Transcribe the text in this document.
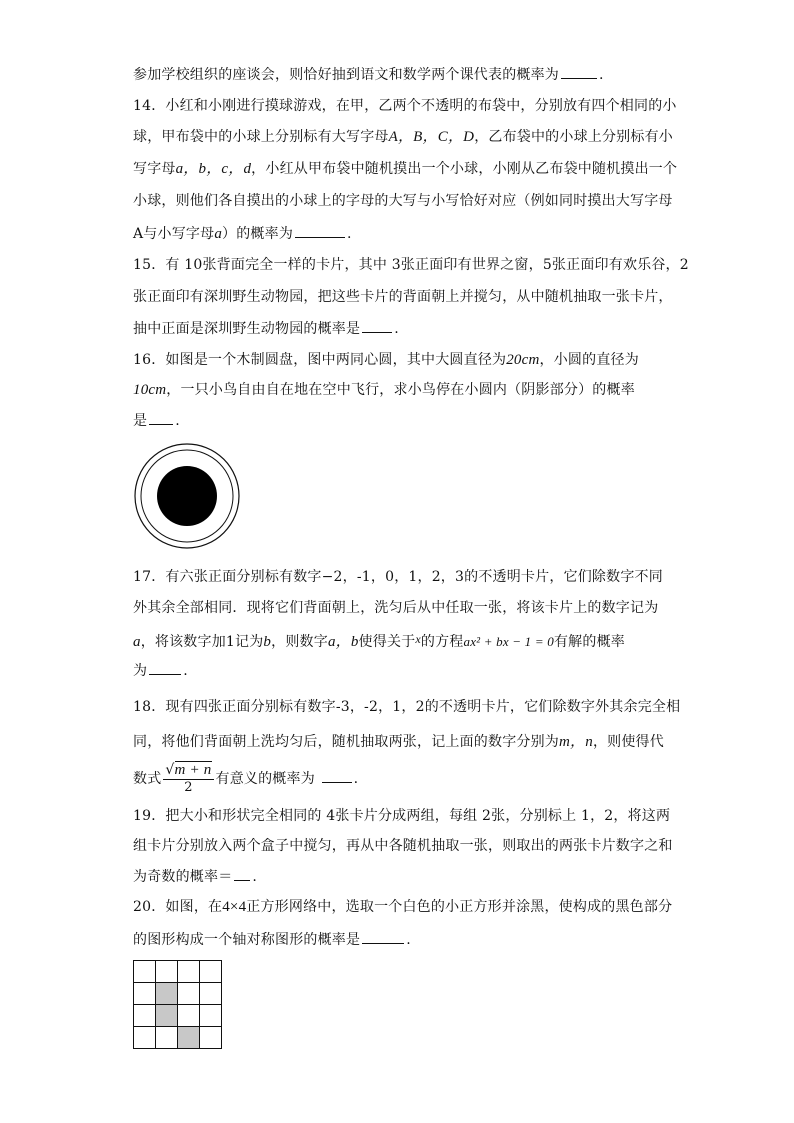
参加学校组织的座谈会，则恰好抽到语文和数学两个课代表的概率为	.
14．小红和小刚进行摸球游戏，在甲，乙两个不透明的布袋中，分别放有四个相同的小
球，甲布袋中的小球上分别标有大写字母A，B，C，D，乙布袋中的小球上分别标有小
写字母a，b，c，d，小红从甲布袋中随机摸出一个小球，小刚从乙布袋中随机摸出一个
小球，则他们各自摸出的小球上的字母的大写与小写恰好对应（例如同时摸出大写字母
A与小写字母a）的概率为	.
15．有 10张背面完全一样的卡片，其中 3张正面印有世界之窗，5张正面印有欢乐谷，2
张正面印有深圳野生动物园，把这些卡片的背面朝上并搅匀，从中随机抽取一张卡片，
抽中正面是深圳野生动物园的概率是 .
16．如图是一个木制圆盘，图中两同心圆，其中大圆直径为20cm，小圆的直径为
10cm，一只小鸟自由自在地在空中飞行，求小鸟停在小圆内（阴影部分）的概率
是 .
17．有六张正面分别标有数字−2，-1，0，1，2，3的不透明卡片，它们除数字不同
外其余全部相同．现将它们背面朝上，洗匀后从中任取一张，将该卡片上的数字记为
a，将该数字加1记为b，则数字a，b使得关于x的方程ax² + bx − 1 = 0有解的概率
为	.
18．现有四张正面分别标有数字-3，-2，1，2的不透明卡片，它们除数字外其余完全相
同，将他们背面朝上洗均匀后，随机抽取两张，记上面的数字分别为m，n，则使得代
数式 $\frac{√m + n}{2}$ 有意义的概率为	.
19．把大小和形状完全相同的 4张卡片分成两组，每组 2张，分别标上 1，2，将这两
组卡片分别放入两个盒子中搅匀，再从中各随机抽取一张，则取出的两张卡片数字之和
为奇数的概率＝ .
20．如图，在4×4正方形网络中，选取一个白色的小正方形并涂黑，使构成的黑色部分
的图形构成一个轴对称图形的概率是	.
